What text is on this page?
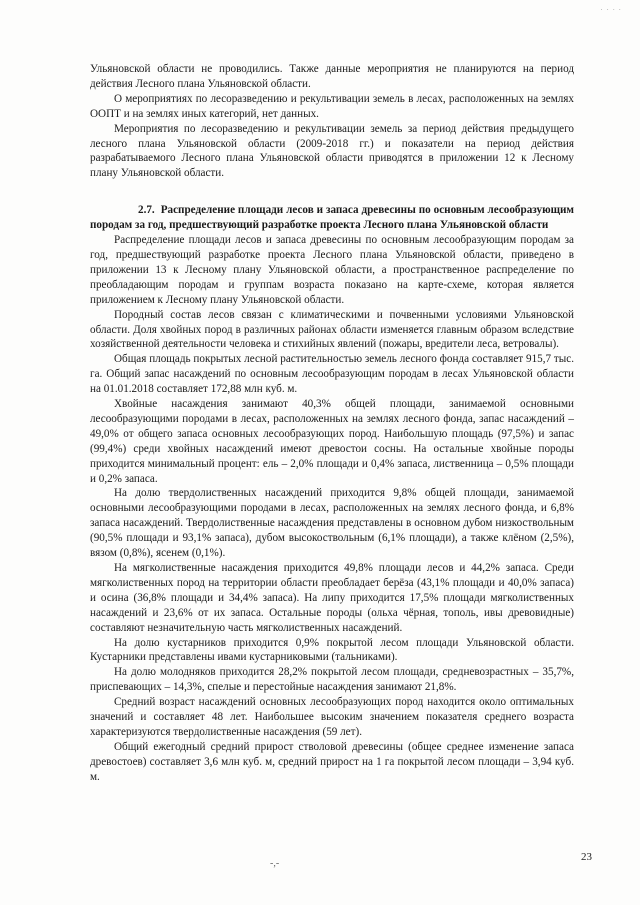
· · · ·

Ульяновской области не проводились. Также данные мероприятия не планируются на период действия Лесного плана Ульяновской области.

О мероприятиях по лесоразведению и рекультивации земель в лесах, расположенных на землях ООПТ и на землях иных категорий, нет данных.

Мероприятия по лесоразведению и рекультивации земель за период действия предыдущего лесного плана Ульяновской области (2009-2018 гг.) и показатели на период действия разрабатываемого Лесного плана Ульяновской области приводятся в приложении 12 к Лесному плану Ульяновской области.

2.7. Распределение площади лесов и запаса древесины по основным лесообразующим породам за год, предшествующий разработке проекта Лесного плана Ульяновской области

Распределение площади лесов и запаса древесины по основным лесообразующим породам за год, предшествующий разработке проекта Лесного плана Ульяновской области, приведено в приложении 13 к Лесному плану Ульяновской области, а пространственное распределение по преобладающим породам и группам возраста показано на карте-схеме, которая является приложением к Лесному плану Ульяновской области.

Породный состав лесов связан с климатическими и почвенными условиями Ульяновской области. Доля хвойных пород в различных районах области изменяется главным образом вследствие хозяйственной деятельности человека и стихийных явлений (пожары, вредители леса, ветровалы).

Общая площадь покрытых лесной растительностью земель лесного фонда составляет 915,7 тыс. га. Общий запас насаждений по основным лесообразующим породам в лесах Ульяновской области на 01.01.2018 составляет 172,88 млн куб. м.

Хвойные насаждения занимают 40,3% общей площади, занимаемой основными лесообразующими породами в лесах, расположенных на землях лесного фонда, запас насаждений – 49,0% от общего запаса основных лесообразующих пород. Наибольшую площадь (97,5%) и запас (99,4%) среди хвойных насаждений имеют древостои сосны. На остальные хвойные породы приходится минимальный процент: ель – 2,0% площади и 0,4% запаса, лиственница – 0,5% площади и 0,2% запаса.

На долю твердолиственных насаждений приходится 9,8% общей площади, занимаемой основными лесообразующими породами в лесах, расположенных на землях лесного фонда, и 6,8% запаса насаждений. Твердолиственные насаждения представлены в основном дубом низкоствольным (90,5% площади и 93,1% запаса), дубом высокоствольным (6,1% площади), а также клёном (2,5%), вязом (0,8%), ясенем (0,1%).

На мягколиственные насаждения приходится 49,8% площади лесов и 44,2% запаса. Среди мягколиственных пород на территории области преобладает берёза (43,1% площади и 40,0% запаса) и осина (36,8% площади и 34,4% запаса). На липу приходится 17,5% площади мягколиственных насаждений и 23,6% от их запаса. Остальные породы (ольха чёрная, тополь, ивы древовидные) составляют незначительную часть мягколиственных насаждений.

На долю кустарников приходится 0,9% покрытой лесом площади Ульяновской области. Кустарники представлены ивами кустарниковыми (тальниками).

На долю молодняков приходится 28,2% покрытой лесом площади, средневозрастных – 35,7%, приспевающих – 14,3%, спелые и перестойные насаждения занимают 21,8%.

Средний возраст насаждений основных лесообразующих пород находится около оптимальных значений и составляет 48 лет. Наибольшее высоким значением показателя среднего возраста характеризуются твердолиственные насаждения (59 лет).

Общий ежегодный средний прирост стволовой древесины (общее среднее изменение запаса древостоев) составляет 3,6 млн куб. м, средний прирост на 1 га покрытой лесом площади – 3,94 куб. м.

23
-,-
